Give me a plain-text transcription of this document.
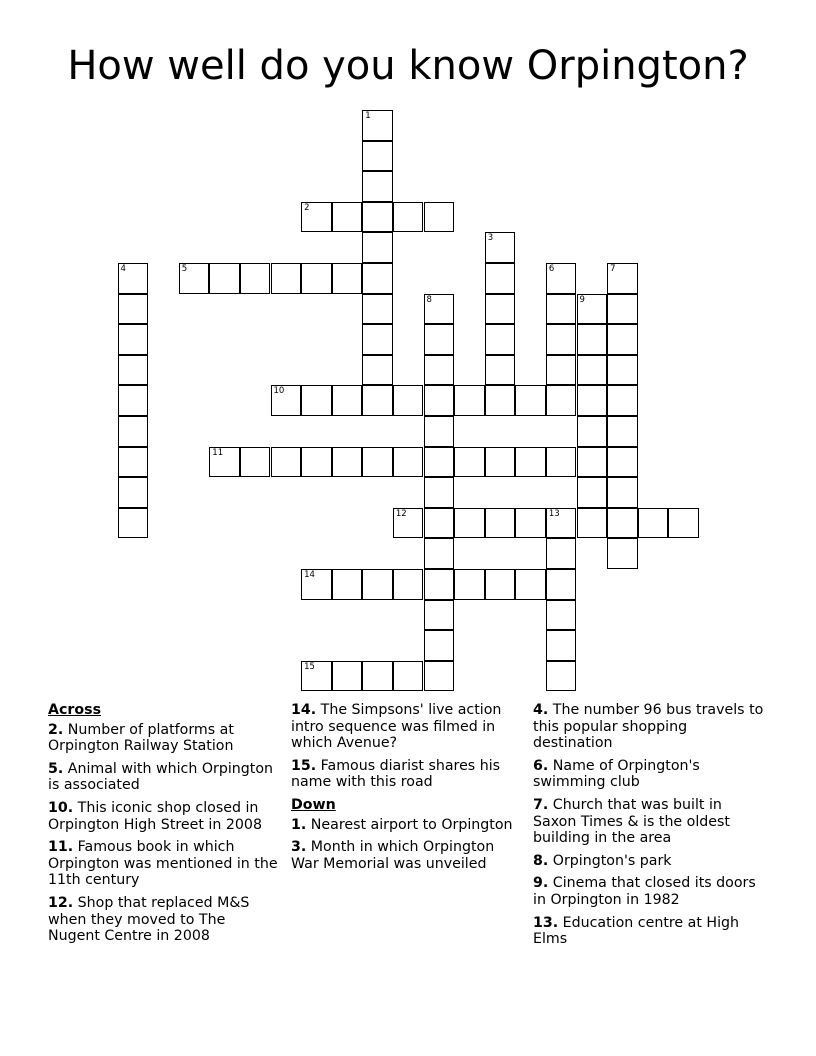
How well do you know Orpington?
1
2
3
4	5	6	7
8	9
10
11
12	13
14
15
Across
2. Number of platforms at Orpington Railway Station
5. Animal with which Orpington is associated
10. This iconic shop closed in Orpington High Street in 2008
11. Famous book in which Orpington was mentioned in the 11th century
12. Shop that replaced M&S when they moved to The Nugent Centre in 2008
14. The Simpsons' live action intro sequence was filmed in which Avenue?
15. Famous diarist shares his name with this road
Down
1. Nearest airport to Orpington
3. Month in which Orpington War Memorial was unveiled
4. The number 96 bus travels to this popular shopping destination
6. Name of Orpington's swimming club
7. Church that was built in Saxon Times & is the oldest building in the area
8. Orpington's park
9. Cinema that closed its doors in Orpington in 1982
13. Education centre at High Elms
